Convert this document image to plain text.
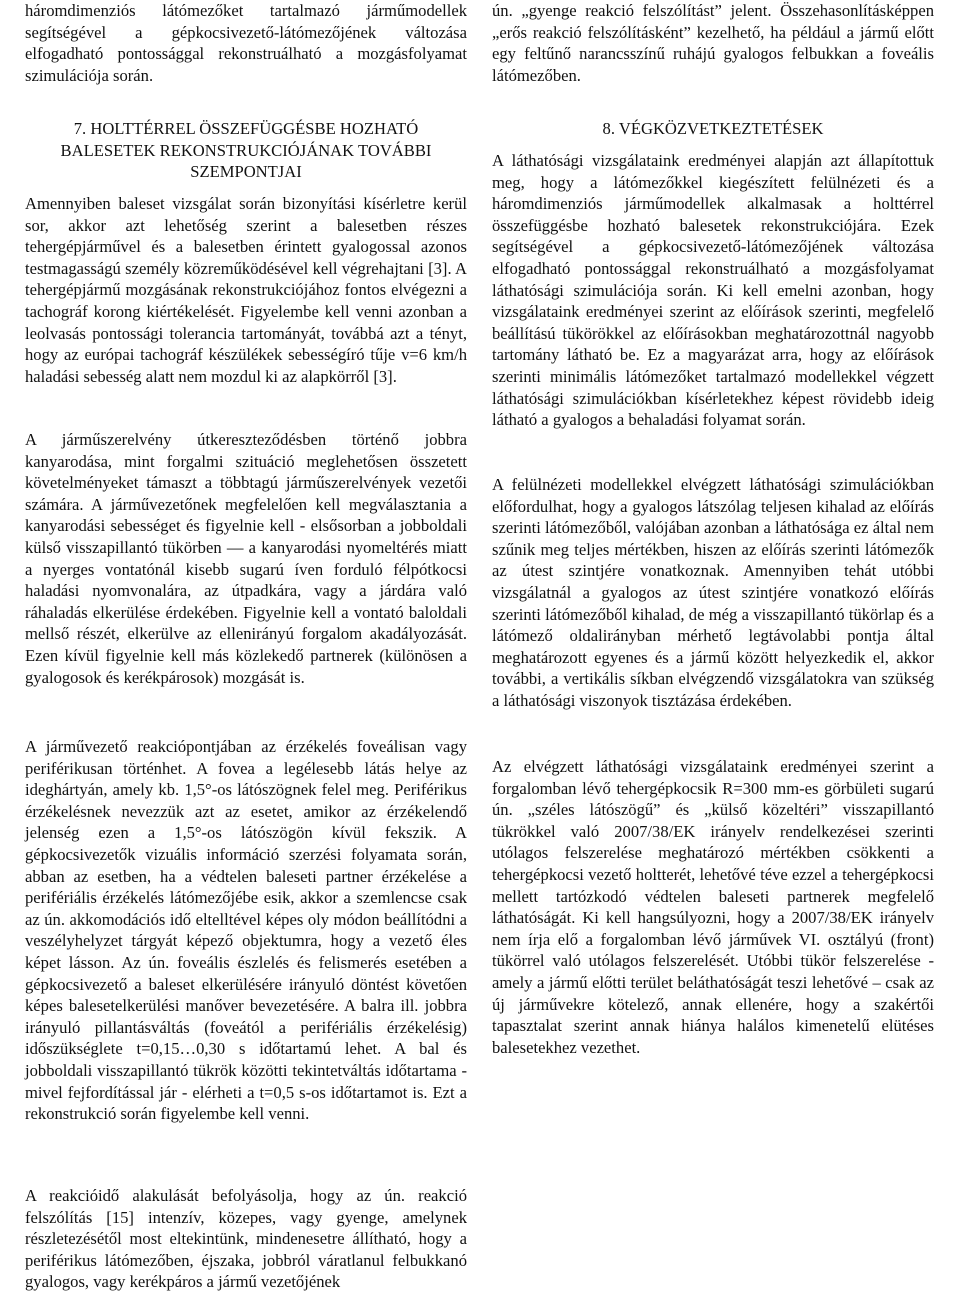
háromdimenziós látómezőket tartalmazó járműmodellek segítségével a gépkocsivezető-látómezőjének változása elfogadható pontossággal rekonstruálható a mozgásfolyamat szimulációja során.
7. HOLTTÉRREL ÖSSZEFÜGGÉSBE HOZHATÓ BALESETEK REKONSTRUKCIÓJÁNAK TOVÁBBI SZEMPONTJAI
Amennyiben baleset vizsgálat során bizonyítási kísérletre kerül sor, akkor azt lehetőség szerint a balesetben részes tehergépjárművel és a balesetben érintett gyalogossal azonos testmagasságú személy közreműködésével kell végrehajtani [3]. A tehergépjármű mozgásának rekonstrukciójához fontos elvégezni a tachográf korong kiértékelését. Figyelembe kell venni azonban a leolvasás pontossági tolerancia tartományát, továbbá azt a tényt, hogy az európai tachográf készülékek sebességíró tűje v=6 km/h haladási sebesség alatt nem mozdul ki az alapkörről [3].
A járműszerelvény útkereszteződésben történő jobbra kanyarodása, mint forgalmi szituáció meglehetősen összetett követelményeket támaszt a többtagú járműszerelvények vezetői számára. A járművezetőnek megfelelően kell megválasztania a kanyarodási sebességet és figyelnie kell - elsősorban a jobboldali külső visszapillantó tükörben — a kanyarodási nyomeltérés miatt a nyerges vontatónál kisebb sugarú íven forduló félpótkocsi haladási nyomvonalára, az útpadkára, vagy a járdára való ráhaladás elkerülése érdekében. Figyelnie kell a vontató baloldali mellső részét, elkerülve az ellenirányú forgalom akadályozását. Ezen kívül figyelnie kell más közlekedő partnerek (különösen a gyalogosok és kerékpárosok) mozgását is.
A járművezető reakciópontjában az érzékelés foveálisan vagy periférikusan történhet. A fovea a legélesebb látás helye az ideghártyán, amely kb. 1,5°-os látószögnek felel meg. Periférikus érzékelésnek nevezzük azt az esetet, amikor az érzékelendő jelenség ezen a 1,5°-os látószögön kívül fekszik. A gépkocsivezetők vizuális információ szerzési folyamata során, abban az esetben, ha a védtelen baleseti partner érzékelése a perifériális érzékelés látómezőjébe esik, akkor a szemlencse csak az ún. akkomodációs idő eltelltével képes oly módon beállítódni a veszélyhelyzet tárgyát képező objektumra, hogy a vezető éles képet lásson. Az ún. foveális észlelés és felismerés esetében a gépkocsivezető a baleset elkerülésére irányuló döntést követően képes balesetelkerülési manőver bevezetésére. A balra ill. jobbra irányuló pillantásváltás (foveától a perifériális érzékelésig) időszükséglete t=0,15…0,30 s időtartamú lehet. A bal és jobboldali visszapillantó tükrök közötti tekintetváltás időtartama - mivel fejfordítással jár - elérheti a t=0,5 s-os időtartamot is. Ezt a rekonstrukció során figyelembe kell venni.
A reakcióidő alakulását befolyásolja, hogy az ún. reakció felszólítás [15] intenzív, közepes, vagy gyenge, amelynek részletezésétől most eltekintünk, mindenesetre állítható, hogy a periférikus látómezőben, éjszaka, jobbról váratlanul felbukkanó gyalogos, vagy kerékpáros a jármű vezetőjének
ún. „gyenge reakció felszólítást” jelent. Összehasonlításképpen „erős reakció felszólításként” kezelhető, ha például a jármű előtt egy feltűnő narancsszínű ruhájú gyalogos felbukkan a foveális látómezőben.
8. VÉGKÖZVETKEZTETÉSEK
A láthatósági vizsgálataink eredményei alapján azt állapítottuk meg, hogy a látómezőkkel kiegészített felülnézeti és a háromdimenziós járműmodellek alkalmasak a holttérrel összefüggésbe hozható balesetek rekonstrukciójára. Ezek segítségével a gépkocsivezető-látómezőjének változása elfogadható pontossággal rekonstruálható a mozgásfolyamat láthatósági szimulációja során. Ki kell emelni azonban, hogy vizsgálataink eredményei szerint az előírások szerinti, megfelelő beállítású tükörökkel az előírásokban meghatározottnál nagyobb tartomány látható be. Ez a magyarázat arra, hogy az előírások szerinti minimális látómezőket tartalmazó modellekkel végzett láthatósági szimulációkban kísérletekhez képest rövidebb ideig látható a gyalogos a behaladási folyamat során.
A felülnézeti modellekkel elvégzett láthatósági szimulációkban előfordulhat, hogy a gyalogos látszólag teljesen kihalad az előírás szerinti látómezőből, valójában azonban a láthatósága ez által nem szűnik meg teljes mértékben, hiszen az előírás szerinti látómezők az útest szintjére vonatkoznak. Amennyiben tehát utóbbi vizsgálatnál a gyalogos az útest szintjére vonatkozó előírás szerinti látómezőből kihalad, de még a visszapillantó tükörlap és a látómező oldalirányban mérhető legtávolabbi pontja által meghatározott egyenes és a jármű között helyezkedik el, akkor további, a vertikális síkban elvégzendő vizsgálatokra van szükség a láthatósági viszonyok tisztázása érdekében.
Az elvégzett láthatósági vizsgálataink eredményei szerint a forgalomban lévő tehergépkocsik R=300 mm-es görbületi sugarú ún. „széles látószögű” és „külső közeltéri” visszapillantó tükrökkel való 2007/38/EK irányelv rendelkezései szerinti utólagos felszerelése meghatározó mértékben csökkenti a tehergépkocsi vezető holtterét, lehetővé téve ezzel a tehergépkocsi mellett tartózkodó védtelen baleseti partnerek megfelelő láthatóságát. Ki kell hangsúlyozni, hogy a 2007/38/EK irányelv nem írja elő a forgalomban lévő járművek VI. osztályú (front) tükörrel való utólagos felszerelését. Utóbbi tükör felszerelése - amely a jármű előtti terület beláthatóságát teszi lehetővé – csak az új járművekre kötelező, annak ellenére, hogy a szakértői tapasztalat szerint annak hiánya halálos kimenetelű elütéses balesetekhez vezethet.
